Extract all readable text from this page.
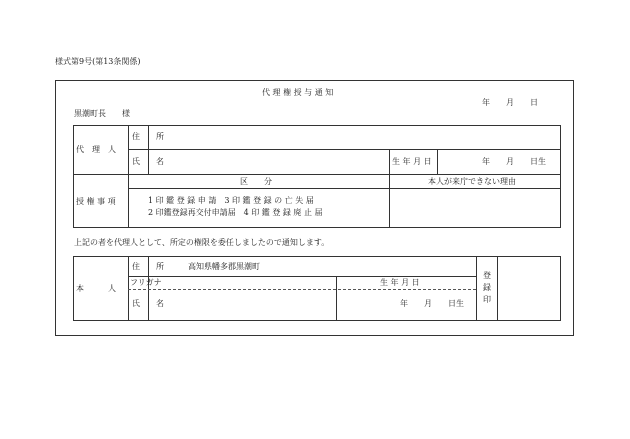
様式第9号(第13条関係)
代 理 権 授 与 通 知
年　　月　　日
黒潮町長　　様
代　理　人
住　　所
氏　　名	生 年 月 日	年　　月　　日生
授 権 事 項
区　　分	本人が来庁できない理由
1 印 鑑 登 録 申 請　3 印 鑑 登 録 の 亡 失 届
2 印鑑登録再交付申請届　4 印 鑑 登 録 廃 止 届
上記の者を代理人として、所定の権限を委任しましたので通知します。
本　　　人
住　　所	高知県幡多郡黒潮町
フリガナ	生 年 月 日
氏　　名	年　　月　　日生
登
録
印
